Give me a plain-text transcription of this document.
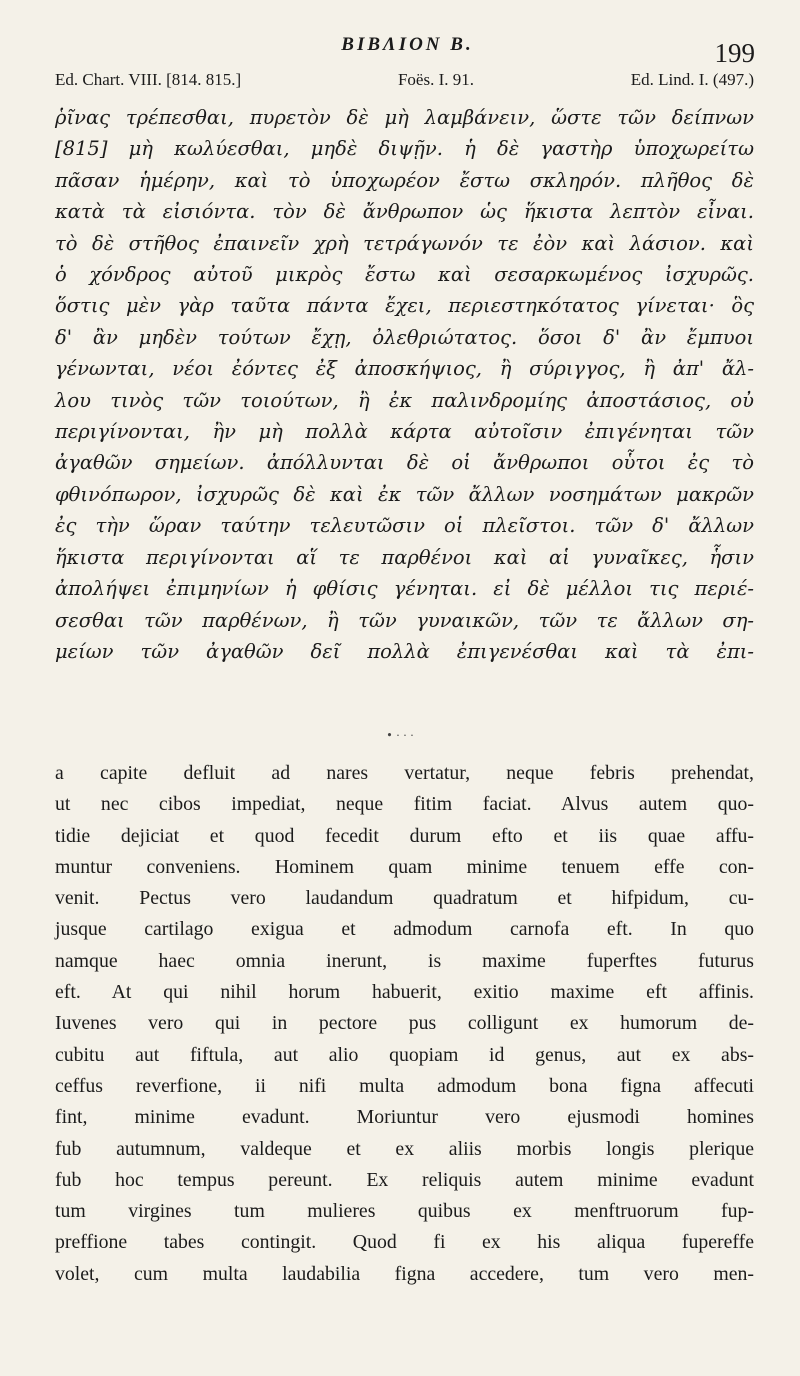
ΒΙΒΛΙΟΝ Β.	199
Ed. Chart. VIII. [814. 815.]	Foës. I. 91.	Ed. Lind. I. (497.)
ῥῖνας τρέπεσθαι, πυρετὸν δὲ μὴ λαμβάνειν, ὥστε τῶν δείπνων
[815] μὴ κωλύεσθαι, μηδὲ διψῇν. ἡ δὲ γαστὴρ ὑποχωρείτω
πᾶσαν ἡμέρην, καὶ τὸ ὑποχωρέον ἔστω σκληρόν. πλῆθος δὲ
κατὰ τὰ εἰσιόντα. τὸν δὲ ἄνθρωπον ὡς ἥκιστα λεπτὸν εἶναι.
τὸ δὲ στῆθος ἐπαινεῖν χρὴ τετράγωνόν τε ἐὸν καὶ λάσιον. καὶ
ὁ χόνδρος αὐτοῦ μικρὸς ἔστω καὶ σεσαρκωμένος ἰσχυρῶς.
ὅστις μὲν γὰρ ταῦτα πάντα ἔχει, περιεστηκότατος γίνεται· ὃς
δ' ἂν μηδὲν τούτων ἔχῃ, ὀλεθριώτατος. ὅσοι δ' ἂν ἔμπυοι
γένωνται, νέοι ἐόντες ἐξ ἀποσκήψιος, ἢ σύριγγος, ἢ ἀπ' ἄλ-
λου τινὸς τῶν τοιούτων, ἢ ἐκ παλινδρομίης ἀποστάσιος, οὐ
περιγίνονται, ἢν μὴ πολλὰ κάρτα αὐτοῖσιν ἐπιγένηται τῶν
ἀγαθῶν σημείων. ἀπόλλυνται δὲ οἱ ἄνθρωποι οὗτοι ἐς τὸ
φθινόπωρον, ἰσχυρῶς δὲ καὶ ἐκ τῶν ἄλλων νοσημάτων μακρῶν
ἐς τὴν ὥραν ταύτην τελευτῶσιν οἱ πλεῖστοι. τῶν δ' ἄλλων
ἥκιστα περιγίνονται αἵ τε παρθένοι καὶ αἱ γυναῖκες, ἧσιν
ἀπολήψει ἐπιμηνίων ἡ φθίσις γένηται. εἰ δὲ μέλλοι τις περιέ-
σεσθαι τῶν παρθένων, ἢ τῶν γυναικῶν, τῶν τε ἄλλων ση-
μείων τῶν ἀγαθῶν δεῖ πολλὰ ἐπιγενέσθαι καὶ τὰ ἐπι-
• · · ·
a capite defluit ad nares vertatur, neque febris prehendat,
ut nec cibos impediat, neque fitim faciat. Alvus autem quo-
tidie dejiciat et quod fecedit durum efto et iis quae affu-
muntur conveniens. Hominem quam minime tenuem effe con-
venit. Pectus vero laudandum quadratum et hifpidum, cu-
jusque cartilago exigua et admodum carnofa eft. In quo
namque haec omnia inerunt, is maxime fuperftes futurus
eft. At qui nihil horum habuerit, exitio maxime eft affinis.
Iuvenes vero qui in pectore pus colligunt ex humorum de-
cubitu aut fiftula, aut alio quopiam id genus, aut ex abs-
ceffus reverfione, ii nifi multa admodum bona figna affecuti
fint, minime evadunt. Moriuntur vero ejusmodi homines
fub autumnum, valdeque et ex aliis morbis longis plerique
fub hoc tempus pereunt. Ex reliquis autem minime evadunt
tum virgines tum mulieres quibus ex menftruorum fup-
preffione tabes contingit. Quod fi ex his aliqua fupereffe
volet, cum multa laudabilia figna accedere, tum vero men-
